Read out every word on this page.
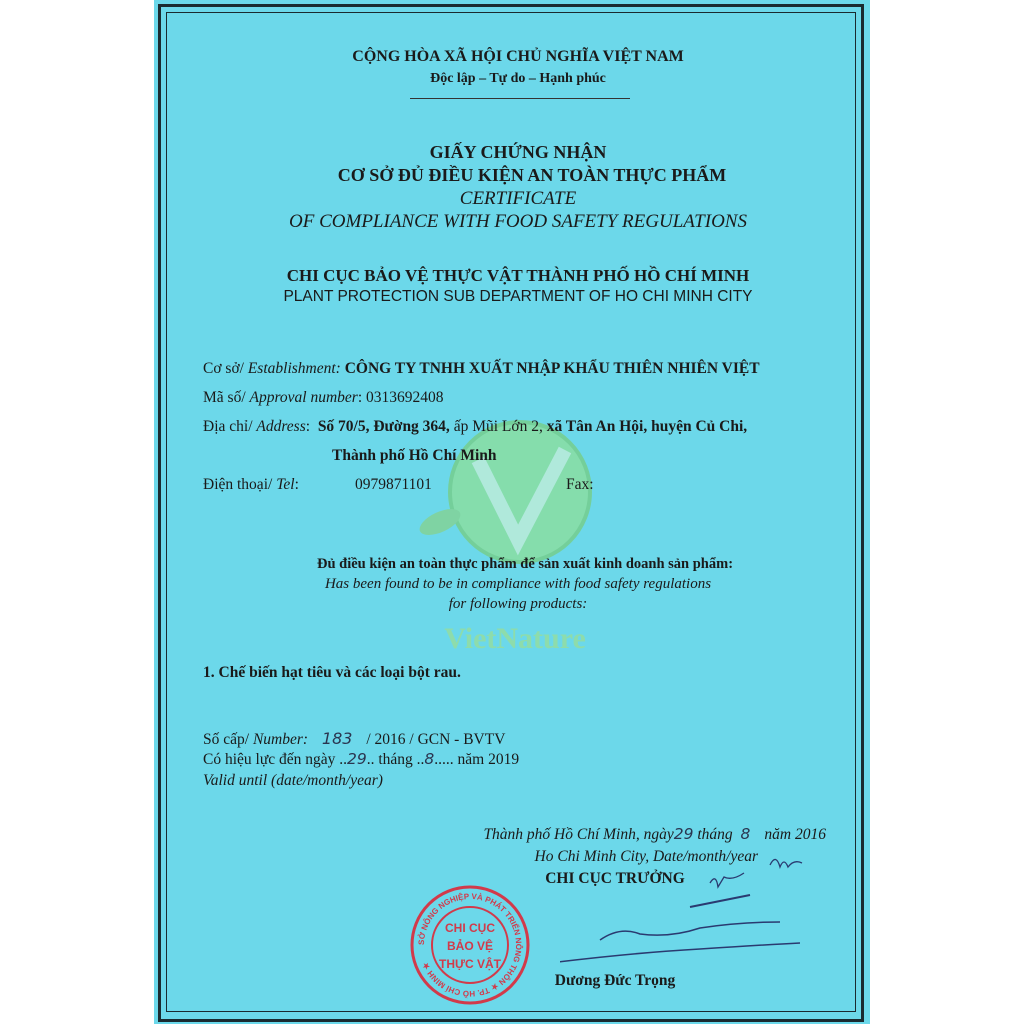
VietNature
CỘNG HÒA XÃ HỘI CHỦ NGHĨA VIỆT NAM
Độc lập – Tự do – Hạnh phúc
GIẤY CHỨNG NHẬN
CƠ SỞ ĐỦ ĐIỀU KIỆN AN TOÀN THỰC PHẨM
CERTIFICATE
OF COMPLIANCE WITH FOOD SAFETY REGULATIONS
CHI CỤC BẢO VỆ THỰC VẬT THÀNH PHỐ HỒ CHÍ MINH
PLANT PROTECTION SUB DEPARTMENT OF HO CHI MINH CITY
Cơ sở/ Establishment: CÔNG TY TNHH XUẤT NHẬP KHẨU THIÊN NHIÊN VIỆT
Mã số/ Approval number: 0313692408
Địa chỉ/ Address:  Số 70/5, Đường 364, ấp Mũi Lớn 2, xã Tân An Hội, huyện Củ Chi,
Thành phố Hồ Chí Minh
Điện thoại/ Tel:	0979871101	Fax:
Đủ điều kiện an toàn thực phẩm để sản xuất kinh doanh sản phẩm:
Has been found to be in compliance with food safety regulations
for following products:
1. Chế biến hạt tiêu và các loại bột rau.
Số cấp/ Number: 183 / 2016 / GCN - BVTV
Có hiệu lực đến ngày ..29.. tháng ..8..... năm 2019
Valid until (date/month/year)
Thành phố Hồ Chí Minh, ngày29 tháng 8 năm 2016
Ho Chi Minh City, Date/month/year
CHI CỤC TRƯỞNG
SỞ NÔNG NGHIỆP VÀ PHÁT TRIỂN NÔNG THÔN ★ TP. HỒ CHÍ MINH ★
CHI CỤC
BẢO VỆ
THỰC VẬT
Dương Đức Trọng
